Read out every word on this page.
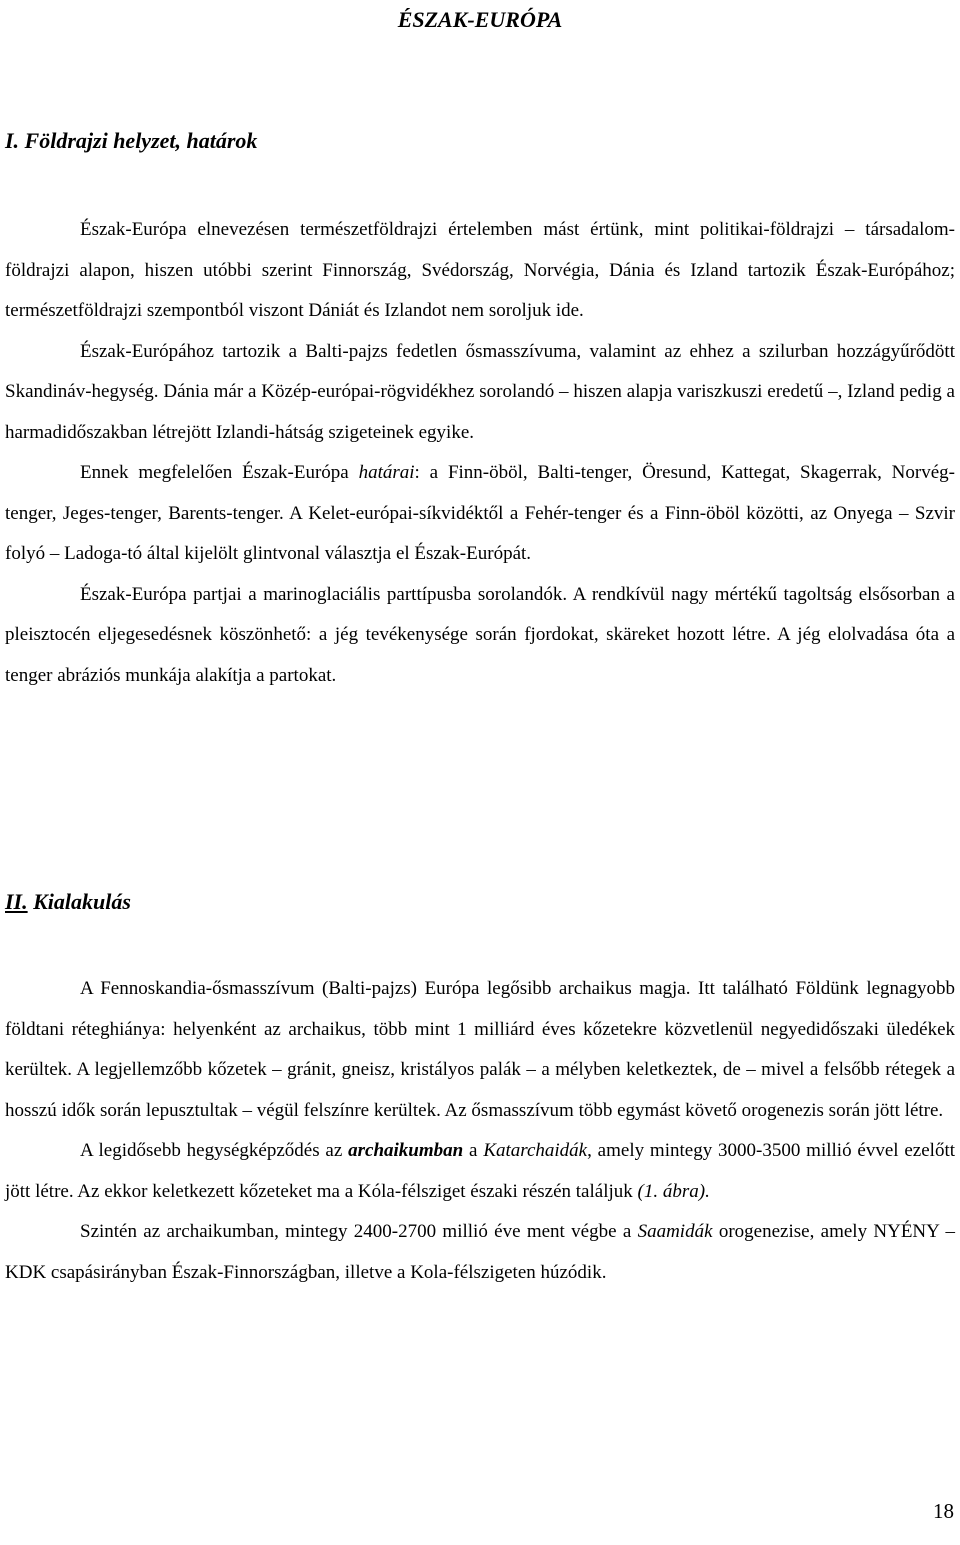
ÉSZAK-EURÓPA
I. Földrajzi helyzet, határok

Észak-Európa elnevezésen természetföldrajzi értelemben mást értünk, mint politikai-földrajzi – társadalom-földrajzi alapon, hiszen utóbbi szerint Finnország, Svédország, Norvégia, Dánia és Izland tartozik Észak-Európához; természetföldrajzi szempontból viszont Dániát és Izlandot nem soroljuk ide.

Észak-Európához tartozik a Balti-pajzs fedetlen ősmasszívuma, valamint az ehhez a szilurban hozzágyűrődött Skandináv-hegység. Dánia már a Közép-európai-rögvidékhez sorolandó – hiszen alapja variszkuszi eredetű –, Izland pedig a harmadidőszakban létrejött Izlandi-hátság szigeteinek egyike.

Ennek megfelelően Észak-Európa határai: a Finn-öböl, Balti-tenger, Öresund, Kattegat, Skagerrak, Norvég-tenger, Jeges-tenger, Barents-tenger. A Kelet-európai-síkvidéktől a Fehér-tenger és a Finn-öböl közötti, az Onyega – Szvir folyó – Ladoga-tó által kijelölt glintvonal választja el Észak-Európát.

Észak-Európa partjai a marinoglaciális parttípusba sorolandók. A rendkívül nagy mértékű tagoltság elsősorban a pleisztocén eljegesedésnek köszönhető: a jég tevékenysége során fjordokat, skäreket hozott létre. A jég elolvadása óta a tenger abráziós munkája alakítja a partokat.

II. Kialakulás

A Fennoskandia-ősmasszívum (Balti-pajzs) Európa legősibb archaikus magja. Itt található Földünk legnagyobb földtani réteghiánya: helyenként az archaikus, több mint 1 milliárd éves kőzetekre közvetlenül negyedidőszaki üledékek kerültek. A legjellemzőbb kőzetek – gránit, gneisz, kristályos palák – a mélyben keletkeztek, de – mivel a felsőbb rétegek a hosszú idők során lepusztultak – végül felszínre kerültek. Az ősmasszívum több egymást követő orogenezis során jött létre.

A legidősebb hegységképződés az archaikumban a Katarchaidák, amely mintegy 3000-3500 millió évvel ezelőtt jött létre. Az ekkor keletkezett kőzeteket ma a Kóla-félsziget északi részén találjuk (1. ábra).

Szintén az archaikumban, mintegy 2400-2700 millió éve ment végbe a Saamidák orogenezise, amely NYÉNY – KDK csapásirányban Észak-Finnországban, illetve a Kola-félszigeten húzódik.

18
